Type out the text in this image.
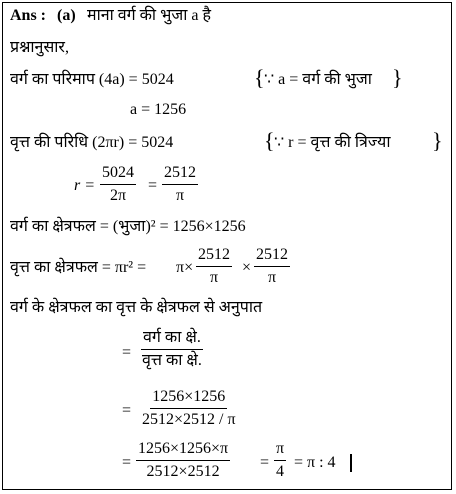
Ans : (a) माना वर्ग की भुजा a है
प्रश्नानुसार,
वर्ग का परिमाप (4a) = 5024	{ ∵ a = वर्ग की भुजा }
a = 1256
वृत्त की परिधि (2πr) = 5024	{ ∵ r = वृत्त की त्रिज्या }
$r = \frac{5024}{2\pi} = \frac{2512}{\pi}$
वर्ग का क्षेत्रफल = (भुजा)² = 1256×1256
वृत्त का क्षेत्रफल = $\pi r^2 = \pi\times \frac{2512}{\pi} \times \frac{2512}{\pi}$
वर्ग के क्षेत्रफल का वृत्त के क्षेत्रफल से अनुपात
=
वर्ग का क्षे.
वृत्त का क्षे.
= $\frac{1256\times 1256}{2512\times 2512 / \pi}$
= $\frac{1256\times 1256\times\pi}{2512\times 2512} = \frac{\pi}{4} = \pi$ : 4
